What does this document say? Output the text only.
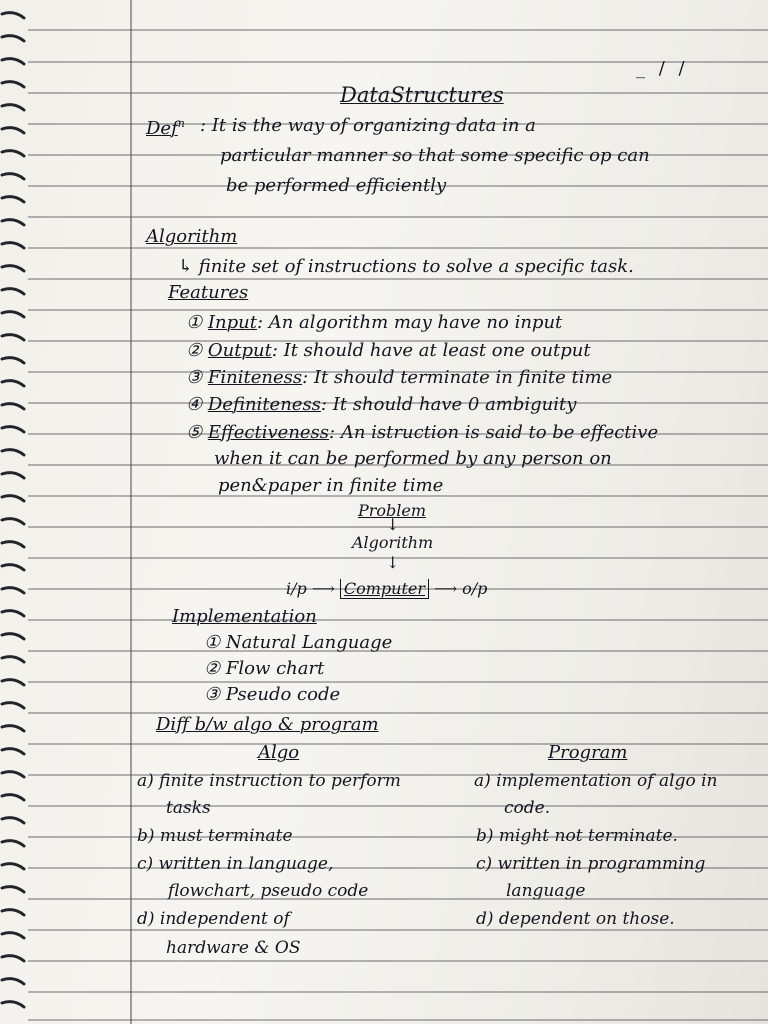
_ / /
DataStructures
Def$^n$ : It is the way of organizing data in a
particular manner so that some specific op can
be performed efficiently
Algorithm
↳ finite set of instructions to solve a specific task.
Features
① Input: An algorithm may have no input
② Output: It should have at least one output
③ Finiteness: It should terminate in finite time
④ Definiteness: It should have 0 ambiguity
⑤ Effectiveness: An istruction is said to be effective
when it can be performed by any person on
pen&paper in finite time
Problem
↓
Algorithm
↓
i/p ⟶ Computer ⟶ o/p
Implementation
① Natural Language
② Flow chart
③ Pseudo code
Diff b/w algo & program
Algo	Program
a) finite instruction to perform
tasks
b) must terminate
c) written in language,
flowchart, pseudo code
d) independent of
hardware & OS
a) implementation of algo in
code.
b) might not terminate.
c) written in programming
language
d) dependent on those.
